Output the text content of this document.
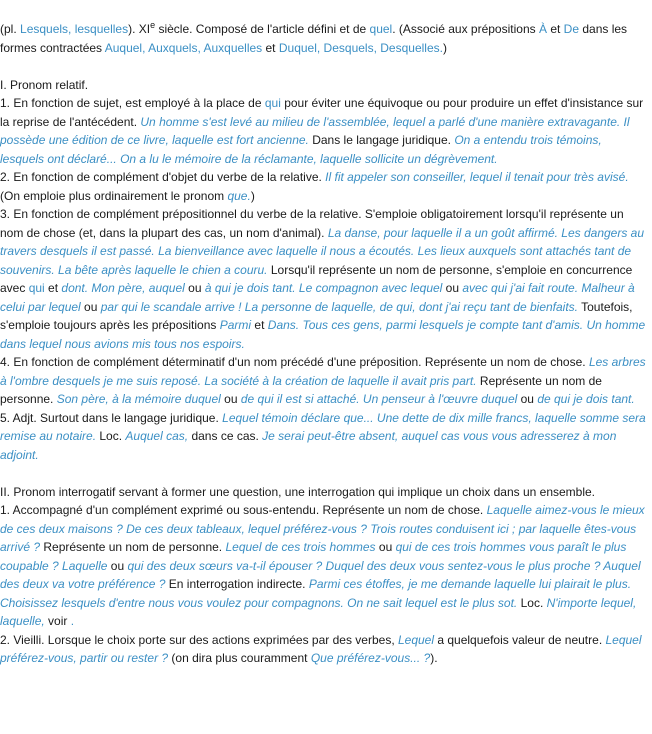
(pl. Lesquels, lesquelles). XIe siècle. Composé de l'article défini et de quel. (Associé aux prépositions À et De dans les formes contractées Auquel, Auxquels, Auxquelles et Duquel, Desquels, Desquelles.)

I. Pronom relatif.

1. En fonction de sujet, est employé à la place de qui pour éviter une équivoque ou pour produire un effet d'insistance sur la reprise de l'antécédent. Un homme s'est levé au milieu de l'assemblée, lequel a parlé d'une manière extravagante. Il possède une édition de ce livre, laquelle est fort ancienne. Dans le langage juridique. On a entendu trois témoins, lesquels ont déclaré... On a lu le mémoire de la réclamante, laquelle sollicite un dégrèvement.

2. En fonction de complément d'objet du verbe de la relative. Il fit appeler son conseiller, lequel il tenait pour très avisé. (On emploie plus ordinairement le pronom que.)

3. En fonction de complément prépositionnel du verbe de la relative. S'emploie obligatoirement lorsqu'il représente un nom de chose (et, dans la plupart des cas, un nom d'animal). La danse, pour laquelle il a un goût affirmé. Les dangers au travers desquels il est passé. La bienveillance avec laquelle il nous a écoutés. Les lieux auxquels sont attachés tant de souvenirs. La bête après laquelle le chien a couru. Lorsqu'il représente un nom de personne, s'emploie en concurrence avec qui et dont. Mon père, auquel ou à qui je dois tant. Le compagnon avec lequel ou avec qui j'ai fait route. Malheur à celui par lequel ou par qui le scandale arrive ! La personne de laquelle, de qui, dont j'ai reçu tant de bienfaits. Toutefois, s'emploie toujours après les prépositions Parmi et Dans. Tous ces gens, parmi lesquels je compte tant d'amis. Un homme dans lequel nous avions mis tous nos espoirs.

4. En fonction de complément déterminatif d'un nom précédé d'une préposition. Représente un nom de chose. Les arbres à l'ombre desquels je me suis reposé. La société à la création de laquelle il avait pris part. Représente un nom de personne. Son père, à la mémoire duquel ou de qui il est si attaché. Un penseur à l'œuvre duquel ou de qui je dois tant.

5. Adjt. Surtout dans le langage juridique. Lequel témoin déclare que... Une dette de dix mille francs, laquelle somme sera remise au notaire. Loc. Auquel cas, dans ce cas. Je serai peut-être absent, auquel cas vous vous adresserez à mon adjoint.

II. Pronom interrogatif servant à former une question, une interrogation qui implique un choix dans un ensemble.

1. Accompagné d'un complément exprimé ou sous-entendu. Représente un nom de chose. Laquelle aimez-vous le mieux de ces deux maisons ? De ces deux tableaux, lequel préférez-vous ? Trois routes conduisent ici ; par laquelle êtes-vous arrivé ? Représente un nom de personne. Lequel de ces trois hommes ou qui de ces trois hommes vous paraît le plus coupable ? Laquelle ou qui des deux sœurs va-t-il épouser ? Duquel des deux vous sentez-vous le plus proche ? Auquel des deux va votre préférence ? En interrogation indirecte. Parmi ces étoffes, je me demande laquelle lui plairait le plus. Choisissez lesquels d'entre nous vous voulez pour compagnons. On ne sait lequel est le plus sot. Loc. N'importe lequel, laquelle, voir .

2. Vieilli. Lorsque le choix porte sur des actions exprimées par des verbes, Lequel a quelquefois valeur de neutre. Lequel préférez-vous, partir ou rester ? (on dira plus couramment Que préférez-vous... ?).
